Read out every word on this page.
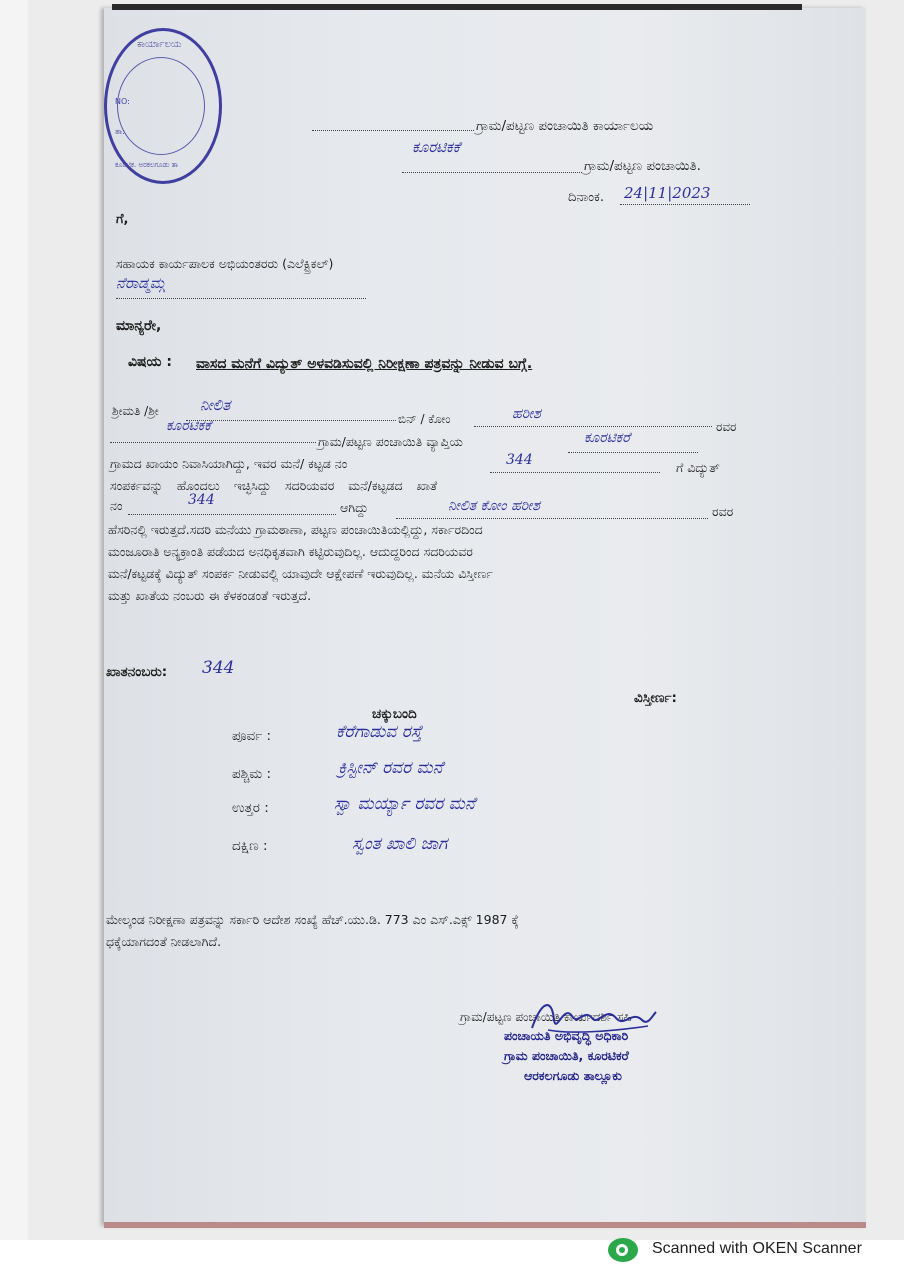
ಕಾರ್ಯಾಲಯ
NO:
ತಾ:
ಕೂರಟಿಕ. ಅರಕಲಗೂಡು ತಾ
ಗ್ರಾಮ/ಪಟ್ಟಣ ಪಂಚಾಯಿತಿ ಕಾರ್ಯಾಲಯ
ಕೂರಟಿಕಕೆ
ಗ್ರಾಮ/ಪಟ್ಟಣ ಪಂಚಾಯಿತಿ.
ದಿನಾಂಕ. 24|11|2023
ಗೆ,
ಸಹಾಯಕ ಕಾರ್ಯಪಾಲಕ ಅಭಿಯಂತರರು (ಎಲೆಕ್ಟ್ರಿಕಲ್)
ನೆರಾಡ್ಮಮ್ಗ
ಮಾನ್ಯರೇ,
ವಿಷಯ : ವಾಸದ ಮನೆಗೆ ವಿದ್ಯುತ್ ಅಳವಡಿಸುವಲ್ಲಿ ನಿರೀಕ್ಷಣಾ ಪತ್ರವನ್ನು ನೀಡುವ ಬಗ್ಗೆ.
ಶ್ರೀಮತಿ /ಶ್ರೀ	ನೀಲಿತ
ಬಿನ್ / ಕೋಂ	ಹರೀಶ
ರವರ
ಕೂರಟಿಕಕೆ
ಗ್ರಾಮ/ಪಟ್ಟಣ ಪಂಚಾಯಿತಿ ವ್ಯಾಪ್ತಿಯ	ಕೂರಟಿಕರೆ
ಗ್ರಾಮದ ಖಾಯಂ ನಿವಾಸಿಯಾಗಿದ್ದು, ಇವರ ಮನೆ/ ಕಟ್ಟಡ ನಂ	344	ಗೆ ವಿದ್ಯುತ್
ಸಂಪರ್ಕವನ್ನು ಹೊಂದಲು ಇಚ್ಛಿಸಿದ್ದು ಸದರಿಯವರ ಮನೆ/ಕಟ್ಟಡದ ಖಾತೆ
ನಂ	344	ಆಗಿದ್ದು	ನೀಲಿತ ಕೋಂ ಹರೀಶ	ರವರ
ಹೆಸರಿನಲ್ಲಿ ಇರುತ್ತದೆ.ಸದರಿ ಮನೆಯು ಗ್ರಾಮಠಾಣಾ, ಪಟ್ಟಣ ಪಂಚಾಯಿತಿಯಲ್ಲಿದ್ದು, ಸರ್ಕಾರದಿಂದ
ಮಂಜೂರಾತಿ ಅನ್ಯಕ್ರಾಂತಿ ಪಡೆಯದ ಅನಧಿಕೃತವಾಗಿ ಕಟ್ಟಿರುವುದಿಲ್ಲ. ಆದುದ್ದರಿಂದ ಸದರಿಯವರ
ಮನೆ/ಕಟ್ಟಡಕ್ಕೆ ವಿದ್ಯುತ್ ಸಂಪರ್ಕ ನೀಡುವಲ್ಲಿ ಯಾವುದೇ ಆಕ್ಷೇಪಣೆ ಇರುವುದಿಲ್ಲ. ಮನೆಯ ವಿಸ್ತೀರ್ಣ
ಮತ್ತು ಖಾತೆಯ ನಂಬರು ಈ ಕೆಳಕಂಡಂತೆ ಇರುತ್ತದೆ.
ಖಾತನಂಬರು: 344
ವಿಸ್ತೀರ್ಣ:
ಚಕ್ಕುಬಂದಿ
ಪೂರ್ವ :	ಕೆರೆಗಾಡುವ ರಸ್ತೆ
ಪಶ್ಚಿಮ :	ಕ್ರಿಸ್ಟೀನ್ ರವರ ಮನೆ
ಉತ್ತರ :	ಸ್ವಾ ಮರ್ಯ್ಯಾ ರವರ ಮನೆ
ದಕ್ಷಿಣ :	ಸ್ವಂತ ಖಾಲಿ ಜಾಗ
ಮೇಲ್ಕಂಡ ನಿರೀಕ್ಷಣಾ ಪತ್ರವನ್ನು ಸರ್ಕಾರಿ ಆದೇಶ ಸಂಖ್ಯೆ ಹೆಚ್.ಯು.ಡಿ. 773 ಎಂ ಎಸ್.ಎಕ್ಸ್ 1987 ಕ್ಕೆ
ಧಕ್ಕೆಯಾಗದಂತೆ ನೀಡಲಾಗಿದೆ.
ಗ್ರಾಮ/ಪಟ್ಟಣ ಪಂಚಾಯಿತಿ ಕಾರ್ಯದರ್ಶಿ ಸಹಿ
ಪಂಚಾಯತಿ ಅಭಿವೃದ್ಧಿ ಅಧಿಕಾರಿ
ಗ್ರಾಮ ಪಂಚಾಯಿತಿ, ಕೂರಟಿಕರೆ
ಆರಕಲಗೂಡು ತಾಲ್ಲೂಕು
Scanned with OKEN Scanner
